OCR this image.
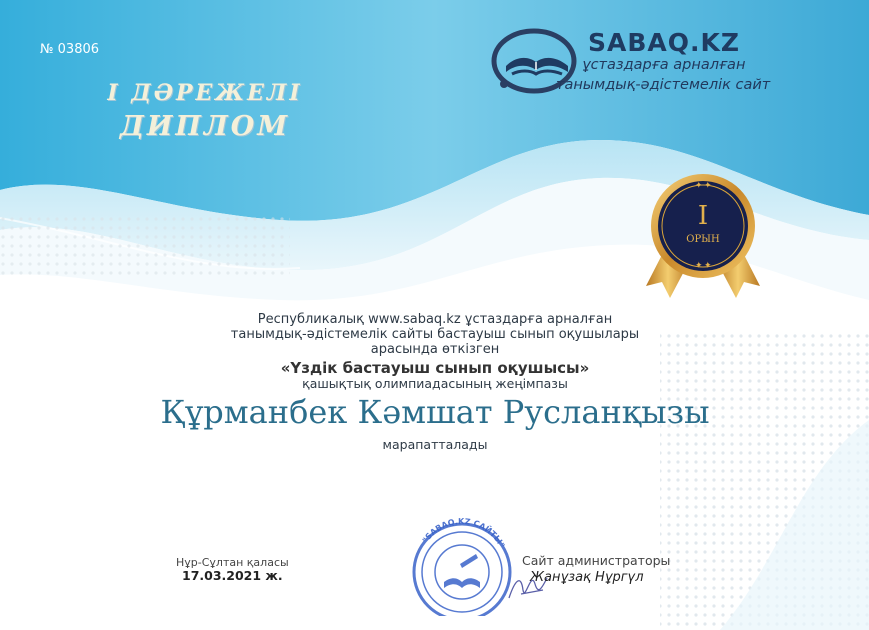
№ 03806
І ДӘРЕЖЕЛІ
ДИПЛОМ
SABAQ.KZ
ұстаздарға арналған
танымдық-әдістемелік сайт
✦ ✦
✦ ✦
I
ОРЫН
Республикалық www.sabaq.kz ұстаздарға арналған
танымдық-әдістемелік сайты бастауыш сынып оқушылары
арасында өткізген
«Үздік бастауыш сынып оқушысы»
қашықтық олимпиадасының жеңімпазы
Құрманбек Кәмшат Русланқызы
марапатталады
Нұр-Сұлтан қаласы
17.03.2021 ж.
"SABAQ.KZ САЙТЫ"
Сайт администраторы
Жанұзақ Нұргүл
